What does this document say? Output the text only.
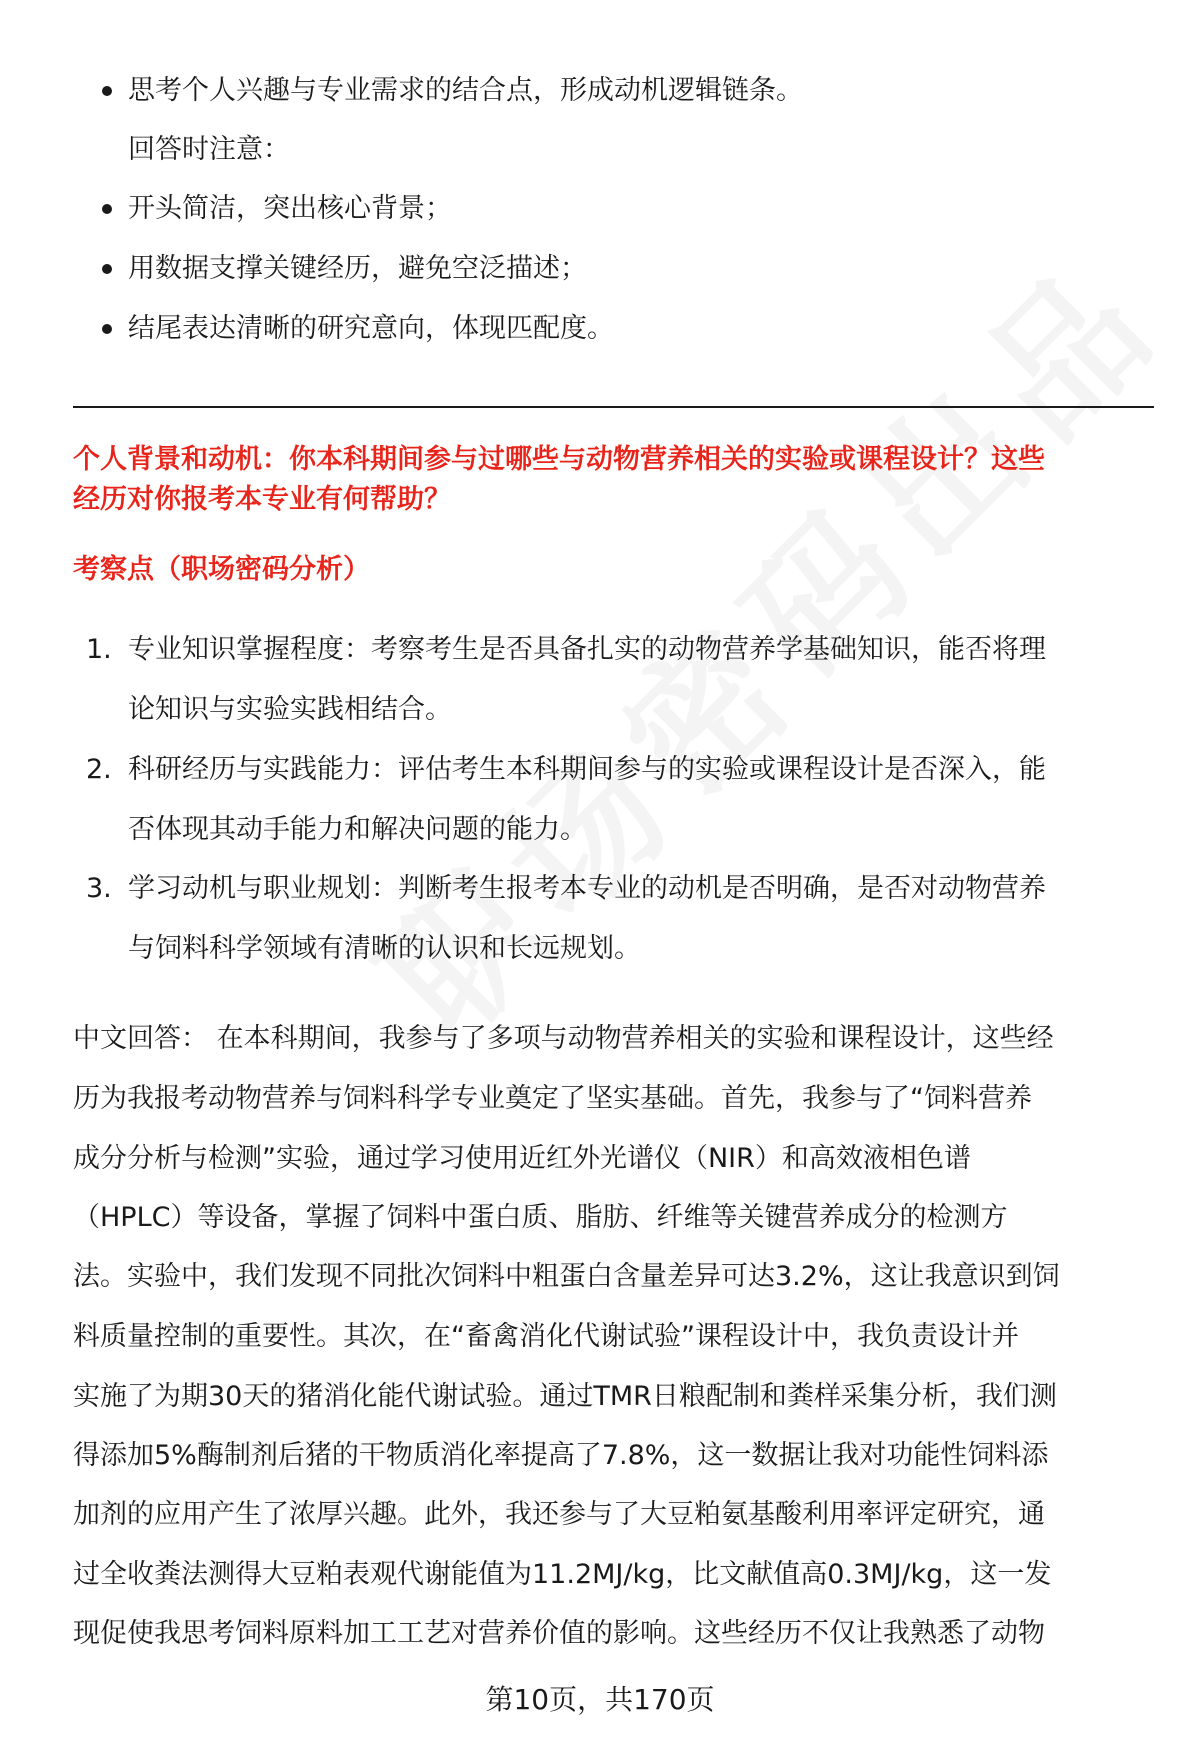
思考个人兴趣与专业需求的结合点，形成动机逻辑链条。
回答时注意：
开头简洁，突出核心背景；
用数据支撑关键经历，避免空泛描述；
结尾表达清晰的研究意向，体现匹配度。
个人背景和动机：你本科期间参与过哪些与动物营养相关的实验或课程设计？这些
经历对你报考本专业有何帮助？
考察点（职场密码分析）
1. 专业知识掌握程度：考察考生是否具备扎实的动物营养学基础知识，能否将理
论知识与实验实践相结合。
2. 科研经历与实践能力：评估考生本科期间参与的实验或课程设计是否深入，能
否体现其动手能力和解决问题的能力。
3. 学习动机与职业规划：判断考生报考本专业的动机是否明确，是否对动物营养
与饲料科学领域有清晰的认识和长远规划。
中文回答： 在本科期间，我参与了多项与动物营养相关的实验和课程设计，这些经
历为我报考动物营养与饲料科学专业奠定了坚实基础。首先，我参与了“饲料营养
成分分析与检测”实验，通过学习使用近红外光谱仪（NIR）和高效液相色谱
（HPLC）等设备，掌握了饲料中蛋白质、脂肪、纤维等关键营养成分的检测方
法。实验中，我们发现不同批次饲料中粗蛋白含量差异可达3.2%，这让我意识到饲
料质量控制的重要性。其次，在“畜禽消化代谢试验”课程设计中，我负责设计并
实施了为期30天的猪消化能代谢试验。通过TMR日粮配制和粪样采集分析，我们测
得添加5%酶制剂后猪的干物质消化率提高了7.8%，这一数据让我对功能性饲料添
加剂的应用产生了浓厚兴趣。此外，我还参与了大豆粕氨基酸利用率评定研究，通
过全收粪法测得大豆粕表观代谢能值为11.2MJ/kg，比文献值高0.3MJ/kg，这一发
现促使我思考饲料原料加工工艺对营养价值的影响。这些经历不仅让我熟悉了动物
第10页，共170页
